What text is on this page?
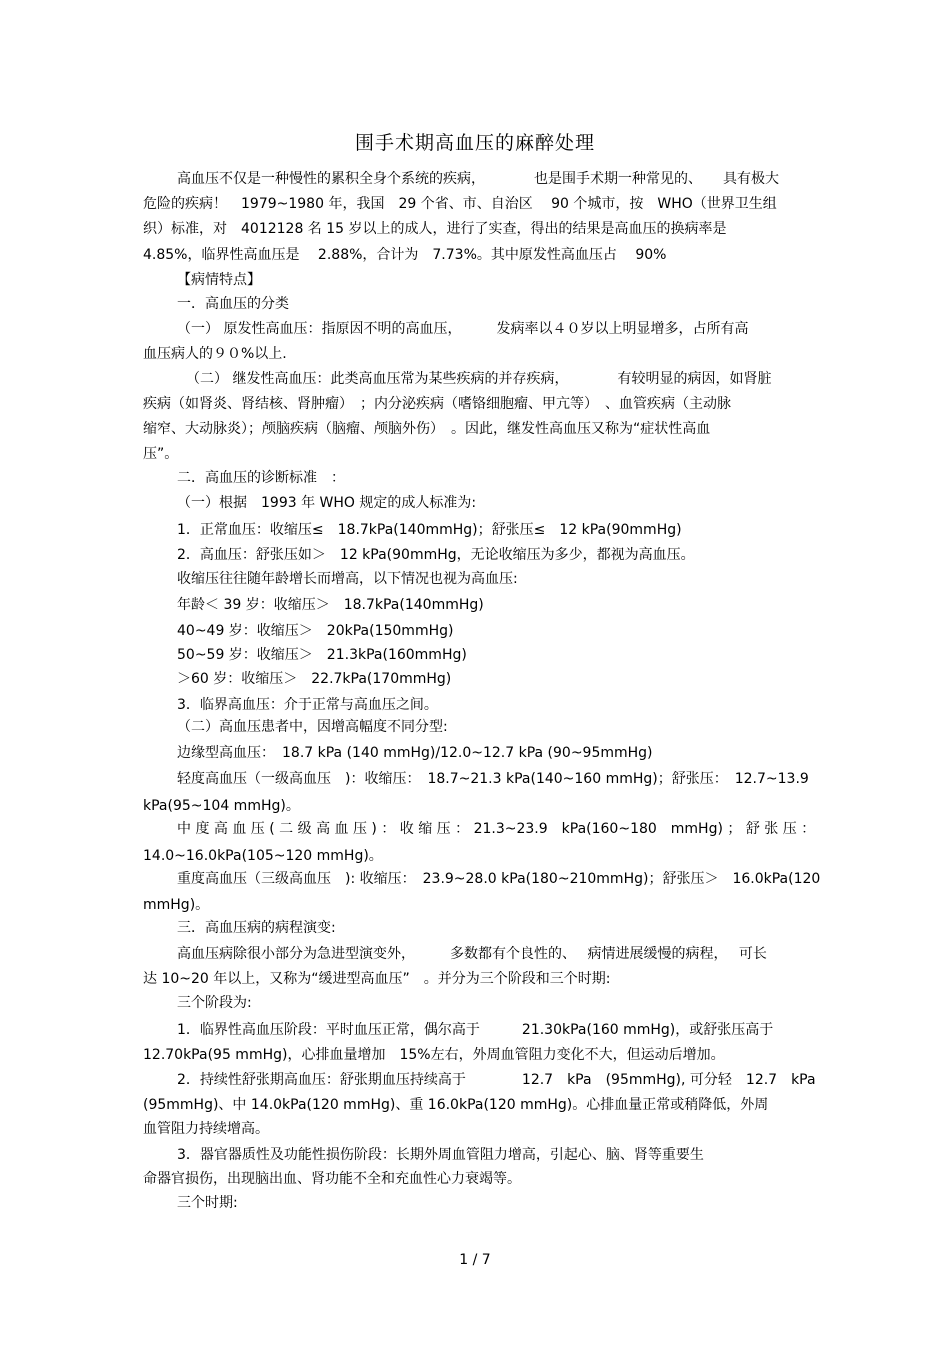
围手术期高血压的麻醉处理
高血压不仅是一种慢性的累积全身个系统的疾病，　　　　也是围手术期一种常见的、　　具有极大
危险的疾病！　1979~1980 年，我国　29 个省、市、自治区　 90 个城市，按　WHO（世界卫生组
织）标准，对　4012128 名 15 岁以上的成人，进行了实查，得出的结果是高血压的换病率是
4.85%，临界性高血压是　 2.88%，合计为　7.73%。其中原发性高血压占　 90%
【病情特点】
一．高血压的分类
（一） 原发性高血压：指原因不明的高血压，　　　发病率以４０岁以上明显增多，占所有高
血压病人的９０%以上.
（二） 继发性高血压：此类高血压常为某些疾病的并存疾病，　　　　有较明显的病因，如肾脏
疾病（如肾炎、肾结核、肾肿瘤）　；内分泌疾病（嗜铬细胞瘤、甲亢等）　、血管疾病（主动脉
缩窄、大动脉炎）；颅脑疾病（脑瘤、颅脑外伤）　。因此，继发性高血压又称为“症状性高血
压”。
二．高血压的诊断标准　：
（一）根据　1993 年 WHO 规定的成人标准为:
1．正常血压：收缩压≤　18.7kPa(140mmHg)；舒张压≤　12 kPa(90mmHg)
2．高血压：舒张压如＞　12 kPa(90mmHg，无论收缩压为多少，都视为高血压。
收缩压往往随年龄增长而增高，以下情况也视为高血压:
年龄＜ 39 岁：收缩压＞　18.7kPa(140mmHg)
40~49 岁：收缩压＞　20kPa(150mmHg)
50~59 岁：收缩压＞　21.3kPa(160mmHg)
＞60 岁：收缩压＞　22.7kPa(170mmHg)
3．临界高血压：介于正常与高血压之间。
（二）高血压患者中，因增高幅度不同分型:
边缘型高血压：　18.7 kPa (140 mmHg)/12.0~12.7 kPa (90~95mmHg)
轻度高血压（一级高血压　)：收缩压：　18.7~21.3 kPa(140~160 mmHg)；舒张压：　12.7~13.9
kPa(95~104 mmHg)。
中 度 高 血 压 ( 二 级 高 血 压 ) ： 收 缩 压 ： 21.3~23.9　kPa(160~180　mmHg) ； 舒 张 压 ：
14.0~16.0kPa(105~120 mmHg)。
重度高血压（三级高血压　): 收缩压：　23.9~28.0 kPa(180~210mmHg)；舒张压＞　16.0kPa(120
mmHg)。
三．高血压病的病程演变:
高血压病除很小部分为急进型演变外，　　　多数都有个良性的、　 病情进展缓慢的病程，　 可长
达 10~20 年以上，又称为“缓进型高血压”　。并分为三个阶段和三个时期:
三个阶段为:
1．临界性高血压阶段：平时血压正常，偶尔高于　　　21.30kPa(160 mmHg)，或舒张压高于
12.70kPa(95 mmHg)，心排血量增加　15%左右，外周血管阻力变化不大，但运动后增加。
2．持续性舒张期高血压：舒张期血压持续高于　　　　12.7　kPa　(95mmHg), 可分轻　12.7　kPa
(95mmHg)、中 14.0kPa(120 mmHg)、重 16.0kPa(120 mmHg)。心排血量正常或稍降低，外周
血管阻力持续增高。
3．器官器质性及功能性损伤阶段：长期外周血管阻力增高，引起心、脑、肾等重要生
命器官损伤，出现脑出血、肾功能不全和充血性心力衰竭等。
三个时期:
1 / 7
